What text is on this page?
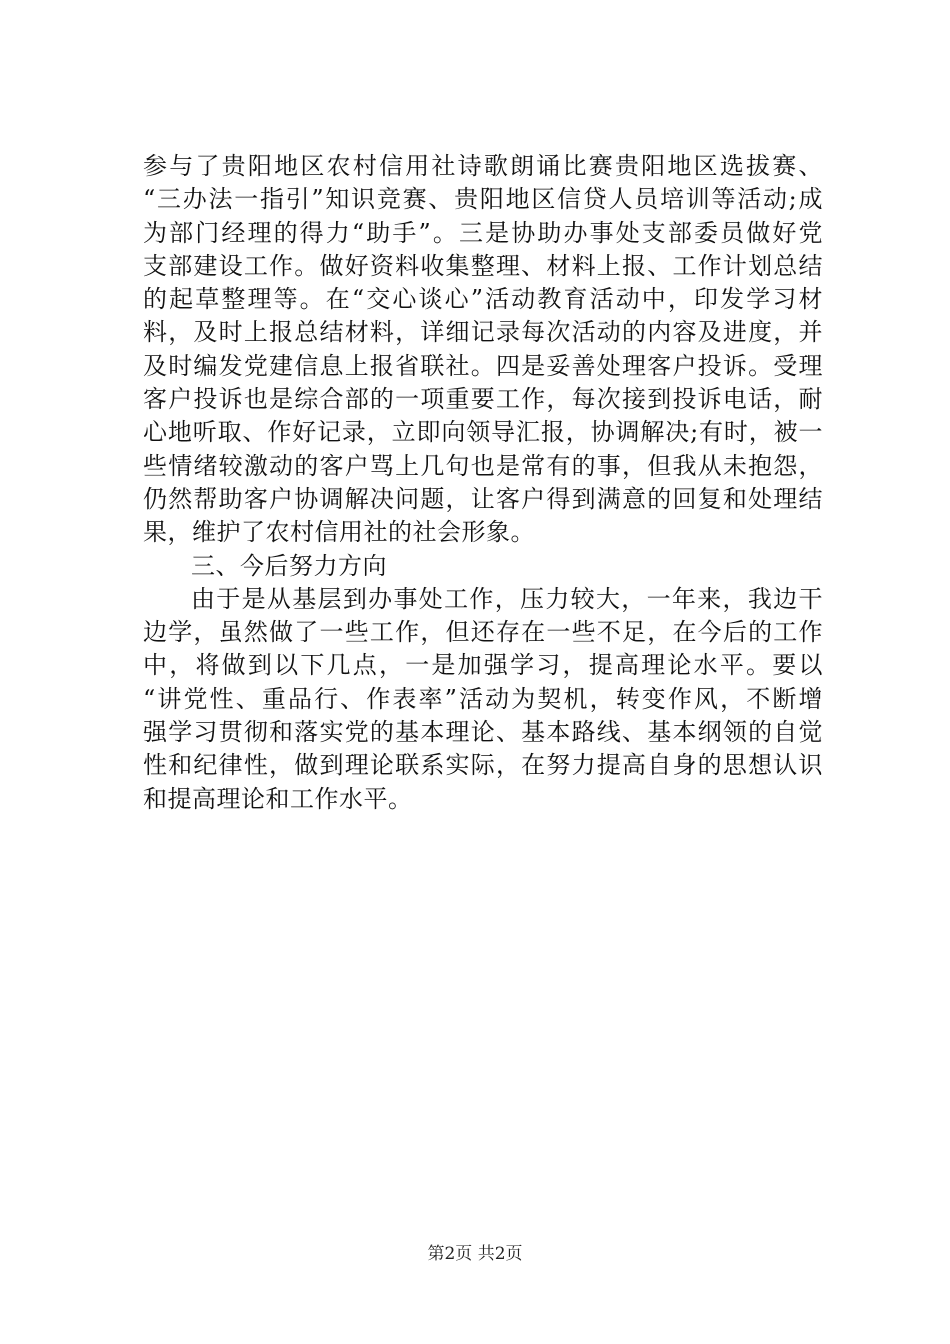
参与了贵阳地区农村信用社诗歌朗诵比赛贵阳地区选拔赛、
“三办法一指引”知识竞赛、贵阳地区信贷人员培训等活动;成
为部门经理的得力“助手”。三是协助办事处支部委员做好党
支部建设工作。做好资料收集整理、材料上报、工作计划总结
的起草整理等。在“交心谈心”活动教育活动中，印发学习材
料，及时上报总结材料，详细记录每次活动的内容及进度，并
及时编发党建信息上报省联社。四是妥善处理客户投诉。受理
客户投诉也是综合部的一项重要工作，每次接到投诉电话，耐
心地听取、作好记录，立即向领导汇报，协调解决;有时，被一
些情绪较激动的客户骂上几句也是常有的事，但我从未抱怨，
仍然帮助客户协调解决问题，让客户得到满意的回复和处理结
果，维护了农村信用社的社会形象。
三、今后努力方向
由于是从基层到办事处工作，压力较大，一年来，我边干
边学，虽然做了一些工作，但还存在一些不足，在今后的工作
中，将做到以下几点，一是加强学习，提高理论水平。要以
“讲党性、重品行、作表率”活动为契机，转变作风，不断增
强学习贯彻和落实党的基本理论、基本路线、基本纲领的自觉
性和纪律性，做到理论联系实际，在努力提高自身的思想认识
和提高理论和工作水平。
第2页 共2页
